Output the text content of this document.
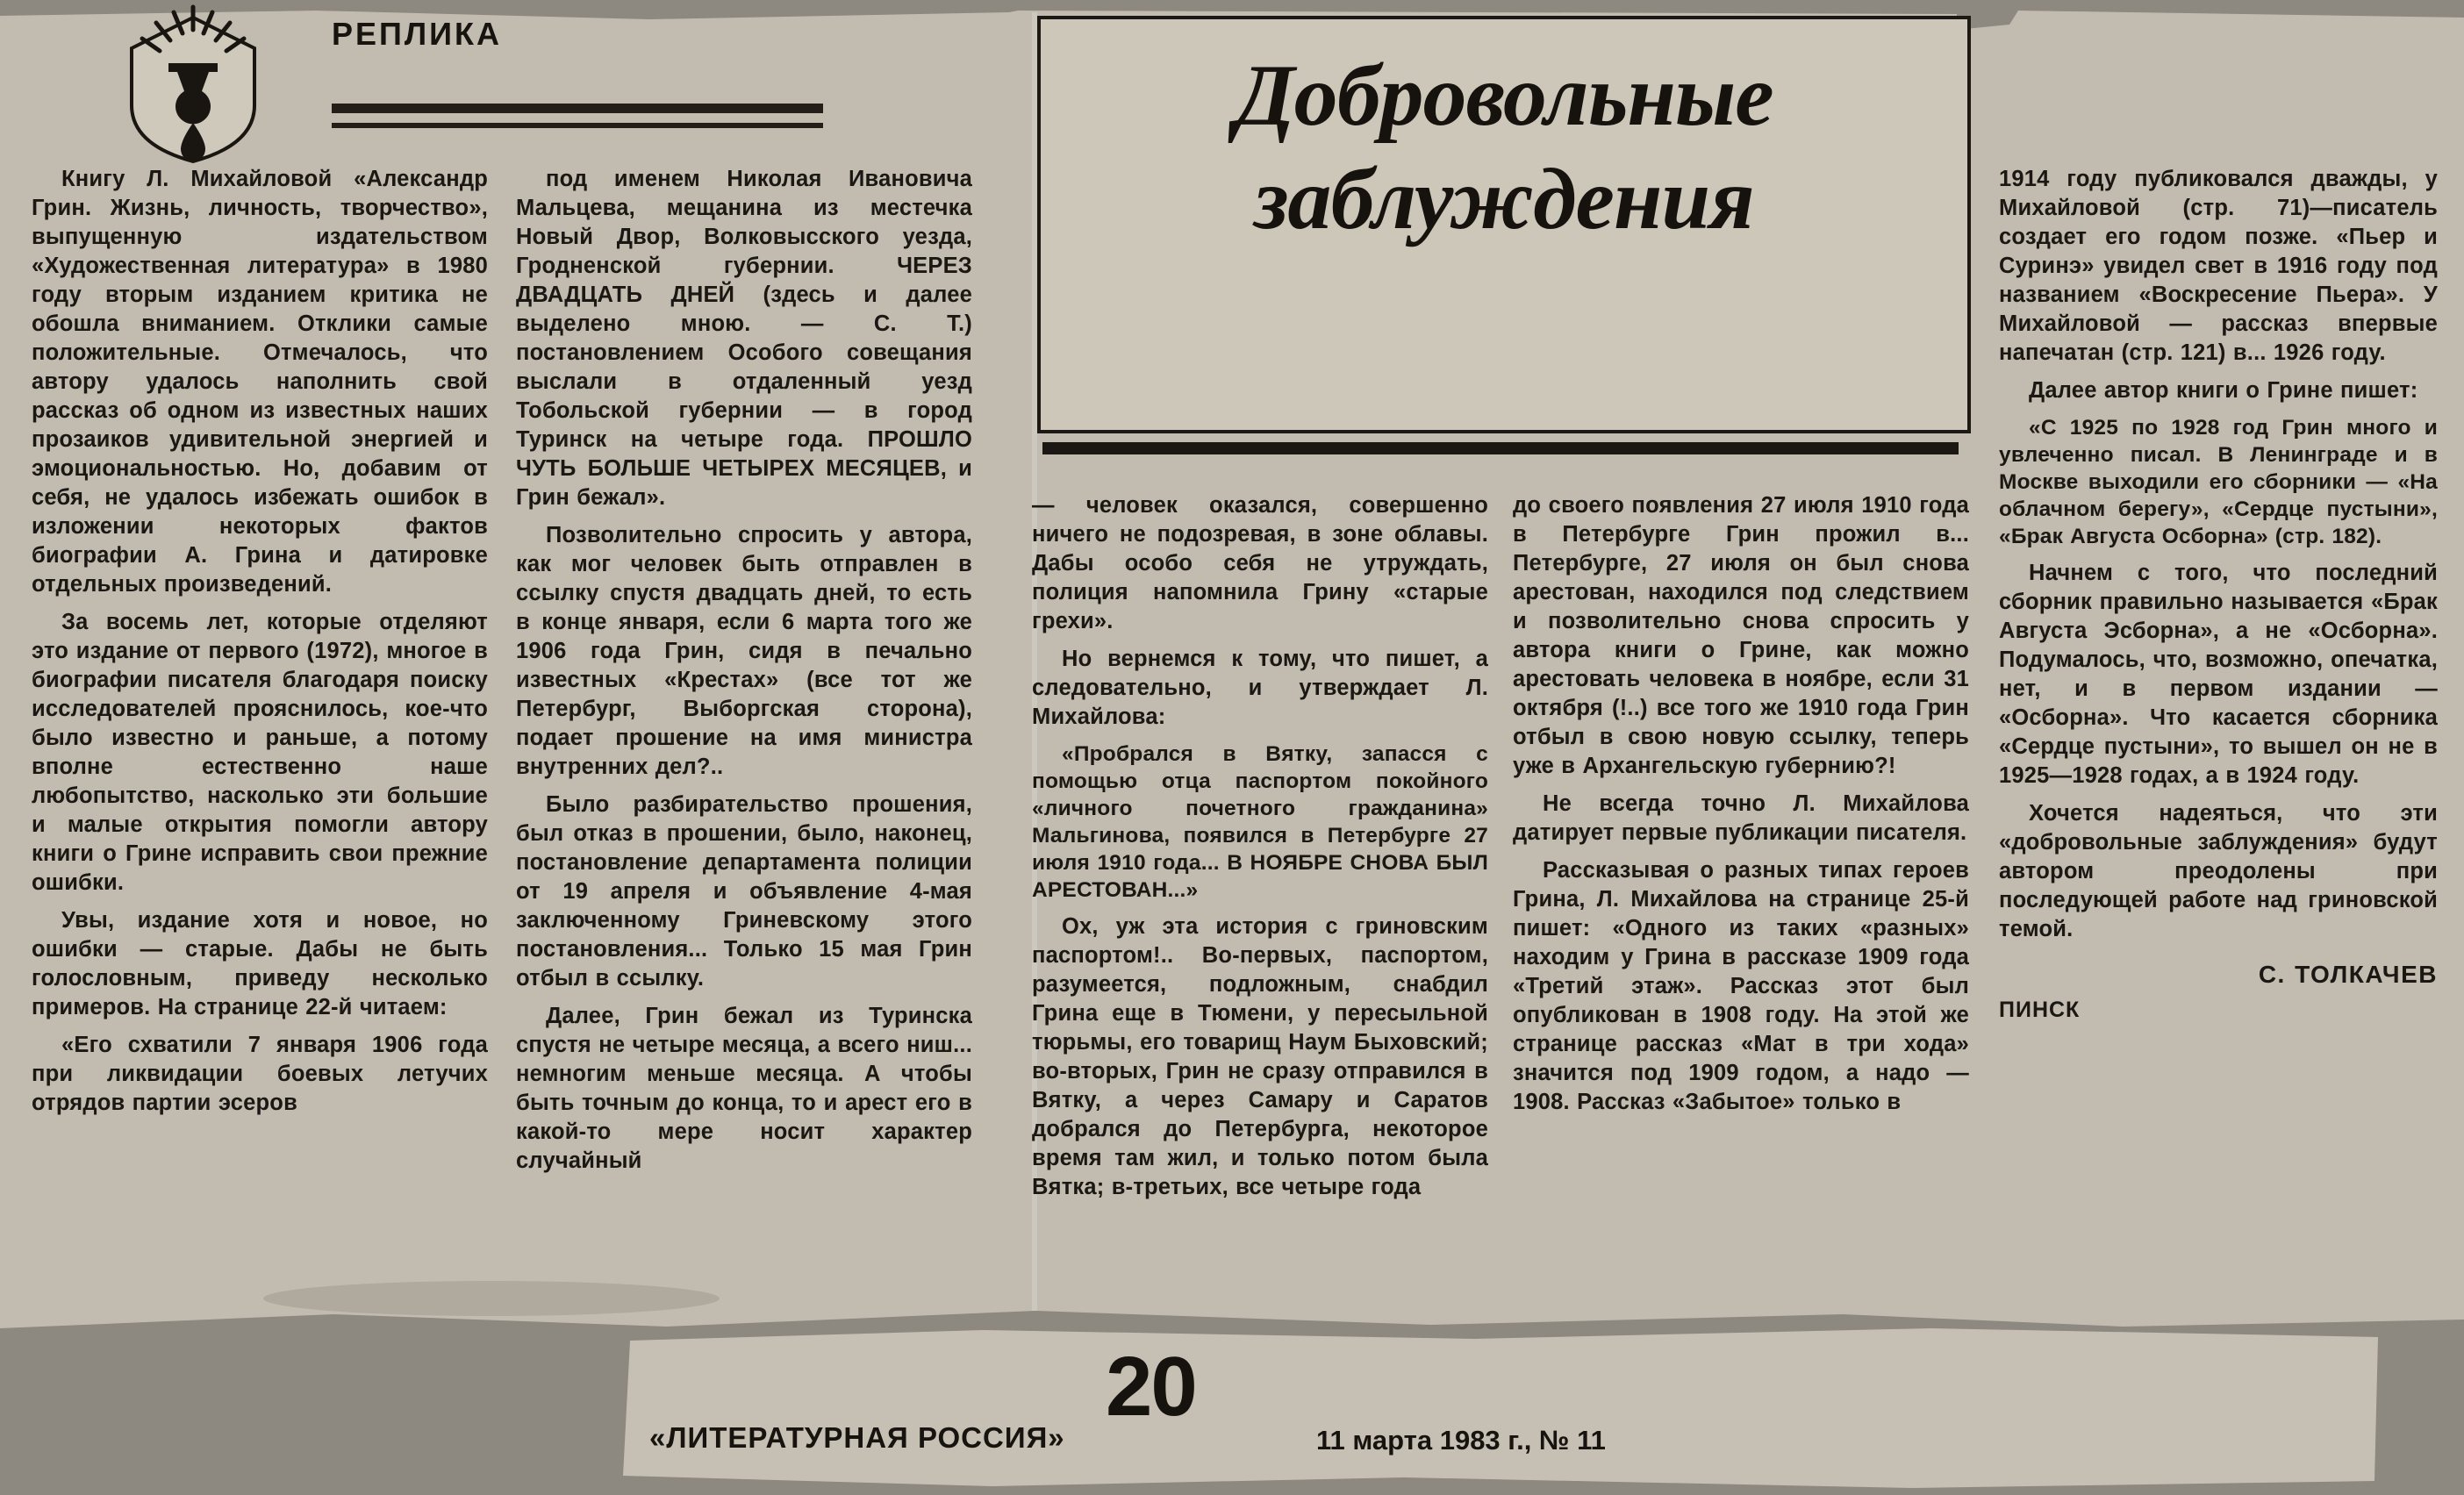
РЕПЛИКА
Добровольные
заблуждения

Книгу Л. Михайловой «Александр Грин. Жизнь, личность, творчество», выпущенную издательством «Художественная литература» в 1980 году вторым изданием критика не обошла вниманием. Отклики самые положительные. Отмечалось, что автору удалось наполнить свой рассказ об одном из известных наших прозаиков удивительной энергией и эмоциональностью. Но, добавим от себя, не удалось избежать ошибок в изложении некоторых фактов биографии А. Грина и датировке отдельных произведений.

За восемь лет, которые отделяют это издание от первого (1972), многое в биографии писателя благодаря поиску исследователей прояснилось, кое-что было известно и раньше, а потому вполне естественно наше любопытство, насколько эти большие и малые открытия помогли автору книги о Грине исправить свои прежние ошибки.

Увы, издание хотя и новое, но ошибки — старые. Дабы не быть голословным, приведу несколько примеров. На странице 22-й читаем:

«Его схватили 7 января 1906 года при ликвидации боевых летучих отрядов партии эсеров

под именем Николая Ивановича Мальцева, мещанина из местечка Новый Двор, Волковысского уезда, Гродненской губернии. ЧЕРЕЗ ДВАДЦАТЬ ДНЕЙ (здесь и далее выделено мною. — С. Т.) постановлением Особого совещания выслали в отдаленный уезд Тобольской губернии — в город Туринск на четыре года. ПРОШЛО ЧУТЬ БОЛЬШЕ ЧЕТЫРЕХ МЕСЯЦЕВ, и Грин бежал».

Позволительно спросить у автора, как мог человек быть отправлен в ссылку спустя двадцать дней, то есть в конце января, если 6 марта того же 1906 года Грин, сидя в печально известных «Крестах» (все тот же Петербург, Выборгская сторона), подает прошение на имя министра внутренних дел?..

Было разбирательство прошения, был отказ в прошении, было, наконец, постановление департамента полиции от 19 апреля и объявление 4-мая заключенному Гриневскому этого постановления... Только 15 мая Грин отбыл в ссылку.

Далее, Грин бежал из Туринска спустя не четыре месяца, а всего ниш... немногим меньше месяца. А чтобы быть точным до конца, то и арест его в какой-то мере носит характер случайный

— человек оказался, совершенно ничего не подозревая, в зоне облавы. Дабы особо себя не утруждать, полиция напомнила Грину «старые грехи».

Но вернемся к тому, что пишет, а следовательно, и утверждает Л. Михайлова:

«Пробрался в Вятку, запасся с помощью отца паспортом покойного «личного почетного гражданина» Мальгинова, появился в Петербурге 27 июля 1910 года... В НОЯБРЕ СНОВА БЫЛ АРЕСТОВАН...»

Ох, уж эта история с гриновским паспортом!.. Во-первых, паспортом, разумеется, подложным, снабдил Грина еще в Тюмени, у пересыльной тюрьмы, его товарищ Наум Быховский; во-вторых, Грин не сразу отправился в Вятку, а через Самару и Саратов добрался до Петербурга, некоторое время там жил, и только потом была Вятка; в-третьих, все четыре года

до своего появления 27 июля 1910 года в Петербурге Грин прожил в... Петербурге, 27 июля он был снова арестован, находился под следствием и позволительно снова спросить у автора книги о Грине, как можно арестовать человека в ноябре, если 31 октября (!..) все того же 1910 года Грин отбыл в свою новую ссылку, теперь уже в Архангельскую губернию?!

Не всегда точно Л. Михайлова датирует первые публикации писателя.

Рассказывая о разных типах героев Грина, Л. Михайлова на странице 25-й пишет: «Одного из таких «разных» находим у Грина в рассказе 1909 года «Третий этаж». Рассказ этот был опубликован в 1908 году. На этой же странице рассказ «Мат в три хода» значится под 1909 годом, а надо — 1908. Рассказ «Забытое» только в

1914 году публиковался дважды, у Михайловой (стр. 71)—писатель создает его годом позже. «Пьер и Суринэ» увидел свет в 1916 году под названием «Воскресение Пьера». У Михайловой — рассказ впервые напечатан (стр. 121) в... 1926 году.

Далее автор книги о Грине пишет:

«С 1925 по 1928 год Грин много и увлеченно писал. В Ленинграде и в Москве выходили его сборники — «На облачном берегу», «Сердце пустыни», «Брак Августа Осборна» (стр. 182).

Начнем с того, что последний сборник правильно называется «Брак Августа Эсборна», а не «Осборна». Подумалось, что, возможно, опечатка, нет, и в первом издании — «Осборна». Что касается сборника «Сердце пустыни», то вышел он не в 1925—1928 годах, а в 1924 году.

Хочется надеяться, что эти «добровольные заблуждения» будут автором преодолены при последующей работе над гриновской темой.

С. ТОЛКАЧЕВ
ПИНСК
20
«ЛИТЕРАТУРНАЯ РОССИЯ»	11 марта 1983 г., № 11
